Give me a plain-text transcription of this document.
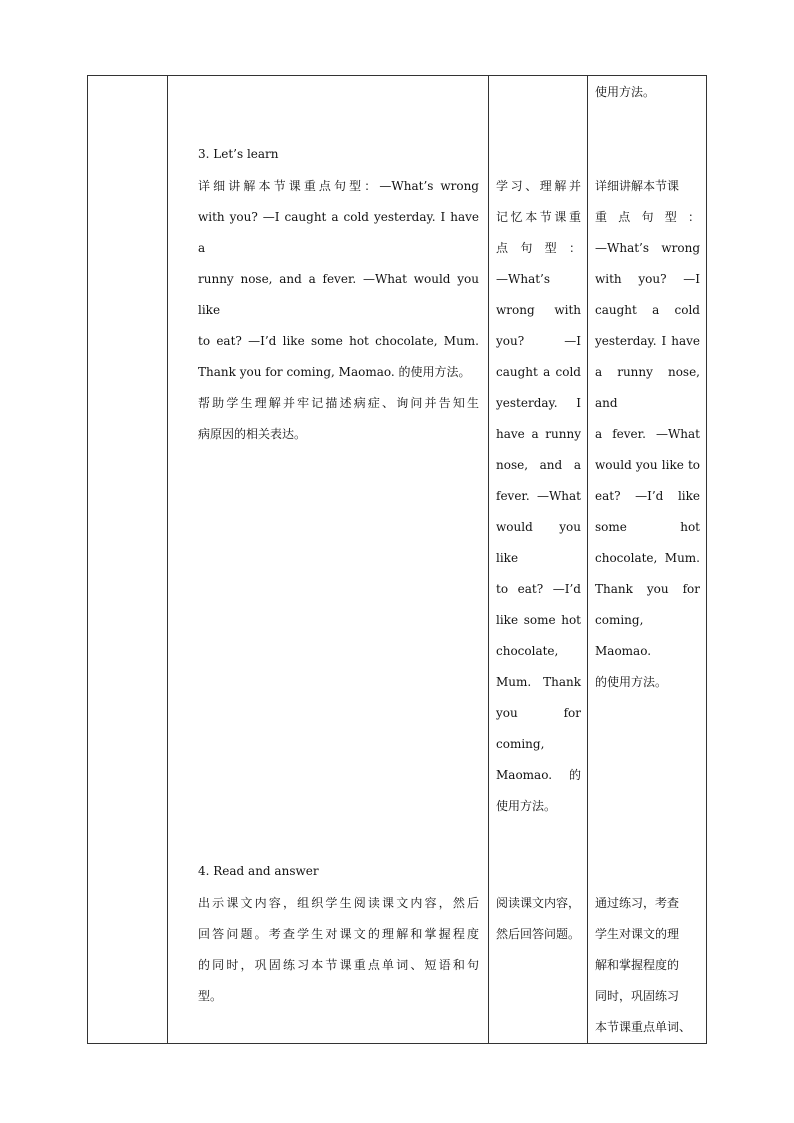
使用方法。

3. Let’s learn

详细讲解本节课重点句型：—What’s wrong

with you? —I caught a cold yesterday. I have a

runny nose, and a fever. —What would you like

to eat? —I’d like some hot chocolate, Mum.

Thank you for coming, Maomao. 的使用方法。

帮助学生理解并牢记描述病症、询问并告知生

病原因的相关表达。

学习、理解并

记忆本节课重

点 句 型 ：

—What’s

wrong with

you? —I

caught a cold

yesterday. I

have a runny

nose, and a

fever. —What

would you like

to eat? —I’d

like some hot

chocolate,

Mum. Thank

you for

coming,

Maomao. 的

使用方法。

详细讲解本节课

重 点 句 型 ：

—What’s wrong

with you? —I

caught a cold

yesterday. I have

a runny nose, and

a fever. —What

would you like to

eat? —I’d like

some hot

chocolate, Mum.

Thank you for

coming, Maomao.

的使用方法。

4. Read and answer

出示课文内容，组织学生阅读课文内容，然后

回答问题。考查学生对课文的理解和掌握程度

的同时，巩固练习本节课重点单词、短语和句

型。

阅读课文内容，

然后回答问题。

通过练习，考查

学生对课文的理

解和掌握程度的

同时，巩固练习

本节课重点单词、
